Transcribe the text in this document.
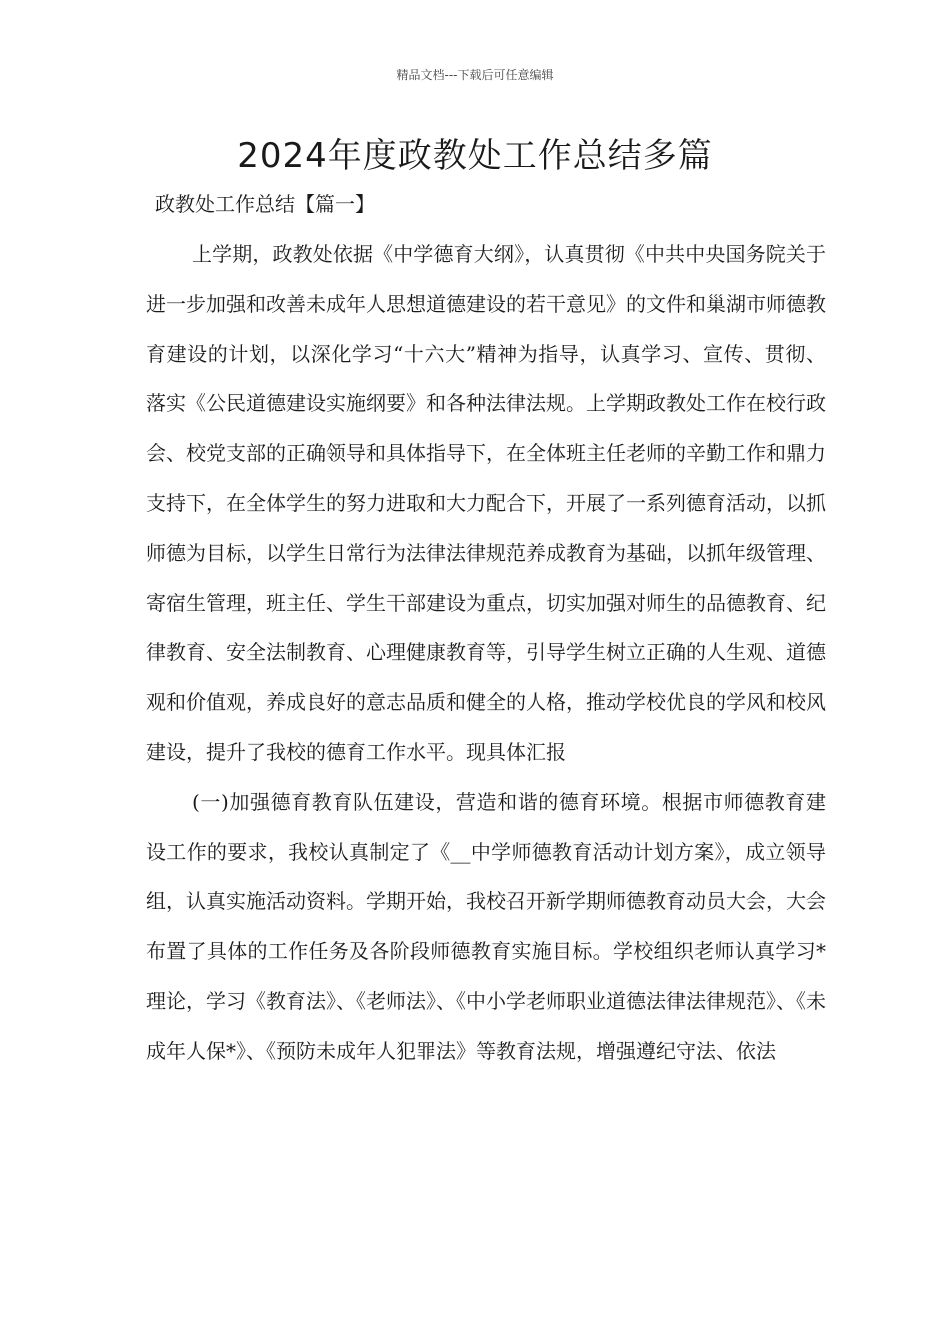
精品文档---下载后可任意编辑
2024年度政教处工作总结多篇

政教处工作总结【篇一】

上学期，政教处依据《中学德育大纲》，认真贯彻《中共中央国务院关于进一步加强和改善未成年人思想道德建设的若干意见》的文件和巢湖市师德教育建设的计划，以深化学习“十六大”精神为指导，认真学习、宣传、贯彻、落实《公民道德建设实施纲要》和各种法律法规。上学期政教处工作在校行政会、校党支部的正确领导和具体指导下，在全体班主任老师的辛勤工作和鼎力支持下，在全体学生的努力进取和大力配合下，开展了一系列德育活动，以抓师德为目标，以学生日常行为法律法律规范养成教育为基础，以抓年级管理、寄宿生管理，班主任、学生干部建设为重点，切实加强对师生的品德教育、纪律教育、安全法制教育、心理健康教育等，引导学生树立正确的人生观、道德观和价值观，养成良好的意志品质和健全的人格，推动学校优良的学风和校风建设，提升了我校的德育工作水平。现具体汇报

(一)加强德育教育队伍建设，营造和谐的德育环境。根据市师德教育建设工作的要求，我校认真制定了《__中学师德教育活动计划方案》，成立领导组，认真实施活动资料。学期开始，我校召开新学期师德教育动员大会，大会布置了具体的工作任务及各阶段师德教育实施目标。学校组织老师认真学习*理论，学习《教育法》、《老师法》、《中小学老师职业道德法律法律规范》、《未成年人保*》、《预防未成年人犯罪法》等教育法规，增强遵纪守法、依法
